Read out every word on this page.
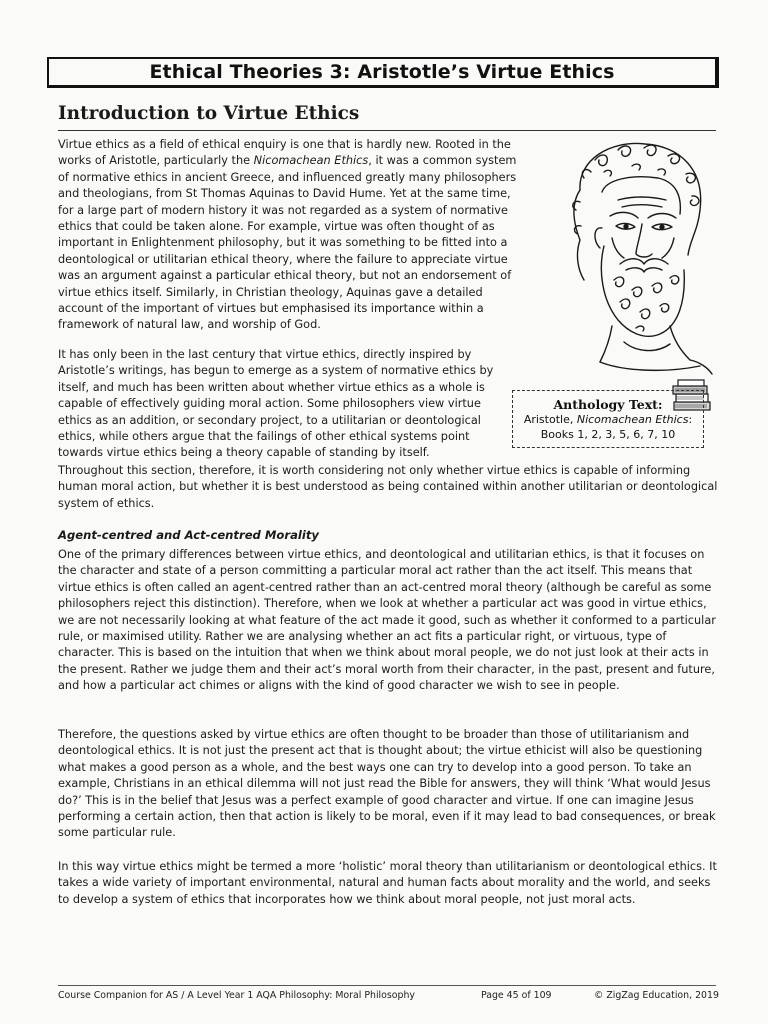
Ethical Theories 3: Aristotle’s Virtue Ethics
Introduction to Virtue Ethics

Virtue ethics as a field of ethical enquiry is one that is hardly new. Rooted in the works of Aristotle, particularly the Nicomachean Ethics, it was a common system of normative ethics in ancient Greece, and influenced greatly many philosophers and theologians, from St Thomas Aquinas to David Hume. Yet at the same time, for a large part of modern history it was not regarded as a system of normative ethics that could be taken alone. For example, virtue was often thought of as important in Enlightenment philosophy, but it was something to be fitted into a deontological or utilitarian ethical theory, where the failure to appreciate virtue was an argument against a particular ethical theory, but not an endorsement of virtue ethics itself. Similarly, in Christian theology, Aquinas gave a detailed account of the important of virtues but emphasised its importance within a framework of natural law, and worship of God.

It has only been in the last century that virtue ethics, directly inspired by Aristotle’s writings, has begun to emerge as a system of normative ethics by itself, and much has been written about whether virtue ethics as a whole is capable of effectively guiding moral action. Some philosophers view virtue ethics as an addition, or secondary project, to a utilitarian or deontological ethics, while others argue that the failings of other ethical systems point towards virtue ethics being a theory capable of standing by itself.

Anthology Text:
Aristotle, Nicomachean Ethics:
Books 1, 2, 3, 5, 6, 7, 10

Throughout this section, therefore, it is worth considering not only whether virtue ethics is capable of informing human moral action, but whether it is best understood as being contained within another utilitarian or deontological system of ethics.

Agent-centred and Act-centred Morality

One of the primary differences between virtue ethics, and deontological and utilitarian ethics, is that it focuses on the character and state of a person committing a particular moral act rather than the act itself. This means that virtue ethics is often called an agent-centred rather than an act-centred moral theory (although be careful as some philosophers reject this distinction). Therefore, when we look at whether a particular act was good in virtue ethics, we are not necessarily looking at what feature of the act made it good, such as whether it conformed to a particular rule, or maximised utility. Rather we are analysing whether an act fits a particular right, or virtuous, type of character. This is based on the intuition that when we think about moral people, we do not just look at their acts in the present. Rather we judge them and their act’s moral worth from their character, in the past, present and future, and how a particular act chimes or aligns with the kind of good character we wish to see in people.

Therefore, the questions asked by virtue ethics are often thought to be broader than those of utilitarianism and deontological ethics. It is not just the present act that is thought about; the virtue ethicist will also be questioning what makes a good person as a whole, and the best ways one can try to develop into a good person. To take an example, Christians in an ethical dilemma will not just read the Bible for answers, they will think ‘What would Jesus do?’ This is in the belief that Jesus was a perfect example of good character and virtue. If one can imagine Jesus performing a certain action, then that action is likely to be moral, even if it may lead to bad consequences, or break some particular rule.

In this way virtue ethics might be termed a more ‘holistic’ moral theory than utilitarianism or deontological ethics. It takes a wide variety of important environmental, natural and human facts about morality and the world, and seeks to develop a system of ethics that incorporates how we think about moral people, not just moral acts.

Course Companion for AS / A Level Year 1 AQA Philosophy: Moral Philosophy	Page 45 of 109	© ZigZag Education, 2019
